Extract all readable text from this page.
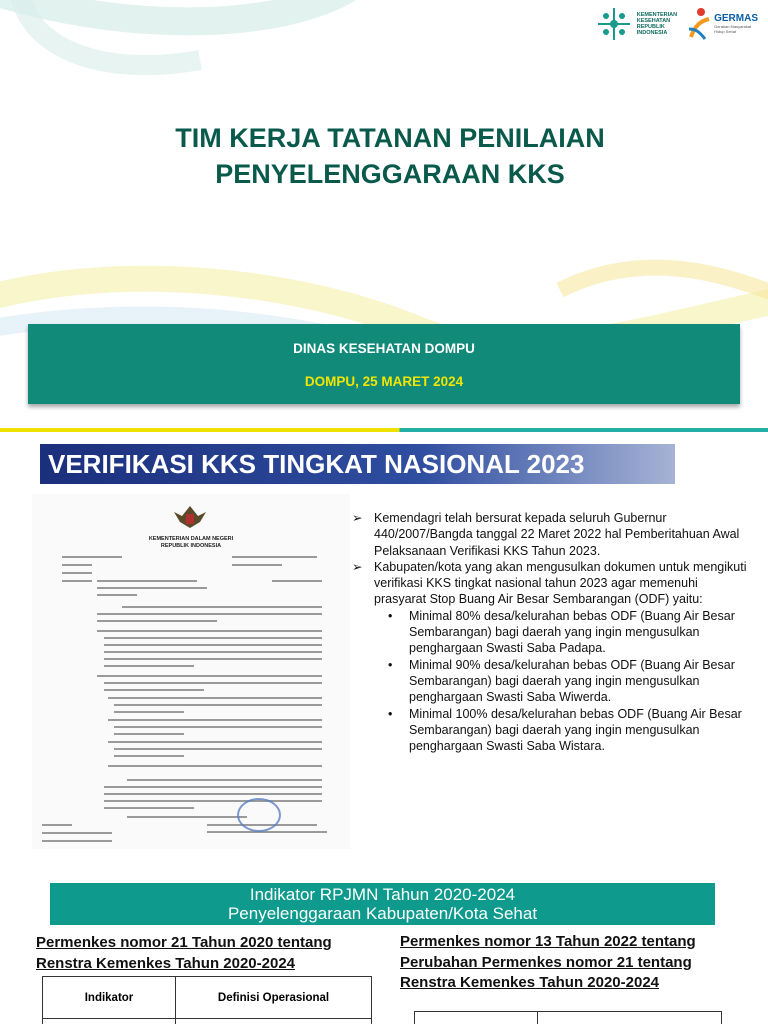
KEMENTERIAN
KESEHATAN
REPUBLIK
INDONESIA
GERMAS
Gerakan Masyarakat
Hidup Sehat
TIM KERJA TATANAN PENILAIAN
PENYELENGGARAAN KKS
DINAS KESEHATAN DOMPU
DOMPU, 25 MARET 2024
VERIFIKASI KKS TINGKAT NASIONAL 2023
KEMENTERIAN DALAM NEGERI
REPUBLIK INDONESIA

➢ Kemendagri telah bersurat kepada seluruh Gubernur 440/2007/Bangda tanggal 22 Maret 2022 hal Pemberitahuan Awal Pelaksanaan Verifikasi KKS Tahun 2023.

➢ Kabupaten/kota yang akan mengusulkan dokumen untuk mengikuti verifikasi KKS tingkat nasional tahun 2023 agar memenuhi prasyarat Stop Buang Air Besar Sembarangan (ODF) yaitu:

• Minimal 80% desa/kelurahan bebas ODF (Buang Air Besar Sembarangan) bagi daerah yang ingin mengusulkan penghargaan Swasti Saba Padapa.

• Minimal 90% desa/kelurahan bebas ODF (Buang Air Besar Sembarangan) bagi daerah yang ingin mengusulkan penghargaan Swasti Saba Wiwerda.

• Minimal 100% desa/kelurahan bebas ODF (Buang Air Besar Sembarangan) bagi daerah yang ingin mengusulkan penghargaan Swasti Saba Wistara.

Indikator RPJMN Tahun 2020-2024
Penyelenggaraan Kabupaten/Kota Sehat
Permenkes nomor 21 Tahun 2020 tentang Renstra Kemenkes Tahun 2020-2024
Permenkes nomor 13 Tahun 2022 tentang Perubahan Permenkes nomor 21 tentang Renstra Kemenkes Tahun 2020-2024
Indikator	Definisi Operasional
